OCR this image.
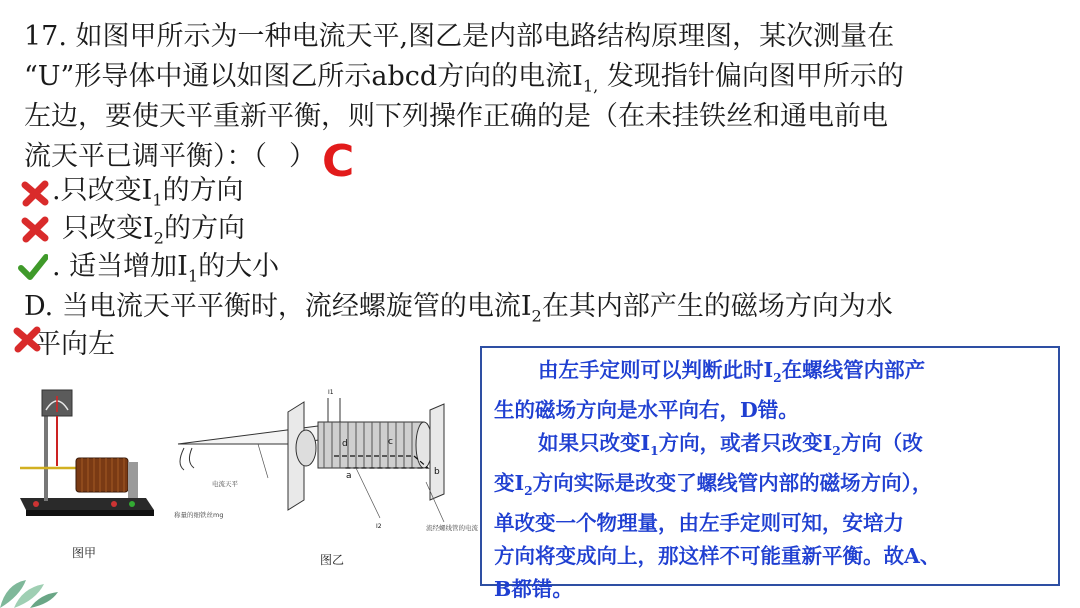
17. 如图甲所示为一种电流天平,图乙是内部电路结构原理图，某次测量在
“U”形导体中通以如图乙所示abcd方向的电流$I_{1,}$ 发现指针偏向图甲所示的
左边，要使天平重新平衡，则下列操作正确的是（在未挂铁丝和通电前电
流天平已调平衡）：（ ） C
.只改变$I_1$的方向
只改变$I_2$的方向
. 适当增加$I_1$的大小
D. 当电流天平平衡时，流经螺旋管的电流$I_2$在其内部产生的磁场方向为水
平向左

由左手定则可以判断此时$I_2$在螺线管内部产

生的磁场方向是水平向右，D错。

如果只改变$I_1$方向，或者只改变$I_2$方向（改

变$I_2$方向实际是改变了螺线管内部的磁场方向），

单改变一个物理量，由左手定则可知，安培力

方向将变成向上，那这样不可能重新平衡。故A、

B都错。

图甲
d	c
a	b
I1
I2
电流天平
称量的细铁丝mg
流经螺线管的电流
图乙
